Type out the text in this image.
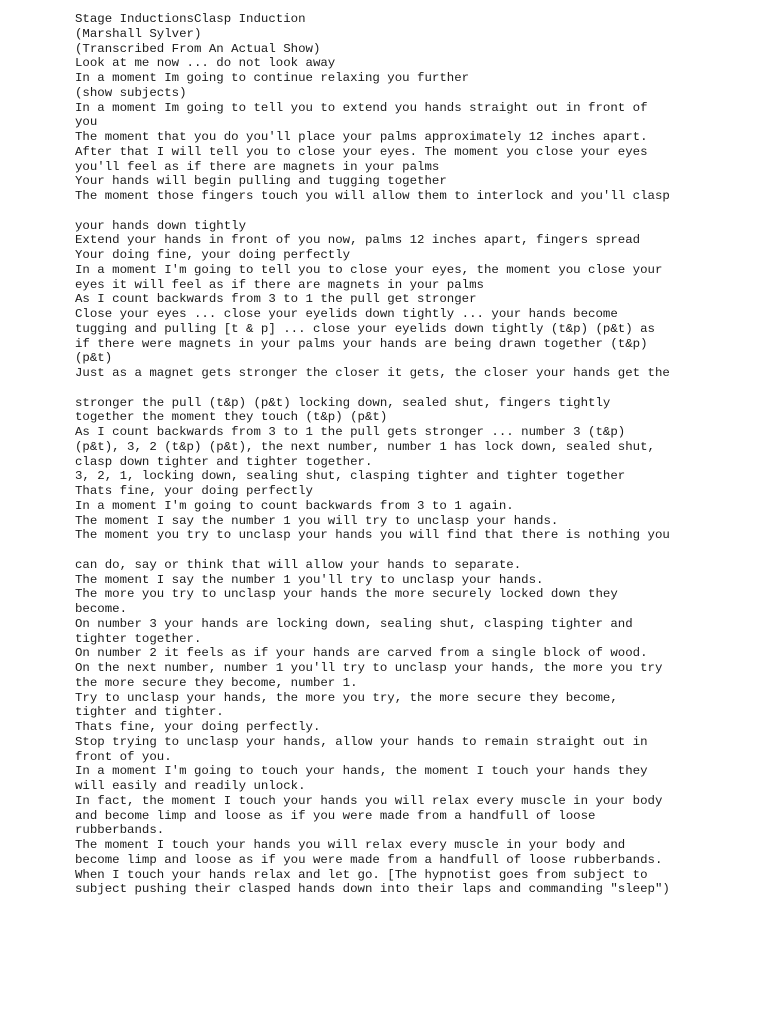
Stage InductionsClasp Induction
(Marshall Sylver)
(Transcribed From An Actual Show)
Look at me now ... do not look away
In a moment Im going to continue relaxing you further
(show subjects)
In a moment Im going to tell you to extend you hands straight out in front of
you
The moment that you do you'll place your palms approximately 12 inches apart.
After that I will tell you to close your eyes. The moment you close your eyes
you'll feel as if there are magnets in your palms
Your hands will begin pulling and tugging together
The moment those fingers touch you will allow them to interlock and you'll clasp
your hands down tightly
Extend your hands in front of you now, palms 12 inches apart, fingers spread
Your doing fine, your doing perfectly
In a moment I'm going to tell you to close your eyes, the moment you close your
eyes it will feel as if there are magnets in your palms
As I count backwards from 3 to 1 the pull get stronger
Close your eyes ... close your eyelids down tightly ... your hands become
tugging and pulling [t & p] ... close your eyelids down tightly (t&p) (p&t) as
if there were magnets in your palms your hands are being drawn together (t&p)
(p&t)
Just as a magnet gets stronger the closer it gets, the closer your hands get the
stronger the pull (t&p) (p&t) locking down, sealed shut, fingers tightly
together the moment they touch (t&p) (p&t)
As I count backwards from 3 to 1 the pull gets stronger ... number 3 (t&p)
(p&t), 3, 2 (t&p) (p&t), the next number, number 1 has lock down, sealed shut,
clasp down tighter and tighter together.
3, 2, 1, locking down, sealing shut, clasping tighter and tighter together
Thats fine, your doing perfectly
In a moment I'm going to count backwards from 3 to 1 again.
The moment I say the number 1 you will try to unclasp your hands.
The moment you try to unclasp your hands you will find that there is nothing you
can do, say or think that will allow your hands to separate.
The moment I say the number 1 you'll try to unclasp your hands.
The more you try to unclasp your hands the more securely locked down they
become.
On number 3 your hands are locking down, sealing shut, clasping tighter and
tighter together.
On number 2 it feels as if your hands are carved from a single block of wood.
On the next number, number 1 you'll try to unclasp your hands, the more you try
the more secure they become, number 1.
Try to unclasp your hands, the more you try, the more secure they become,
tighter and tighter.
Thats fine, your doing perfectly.
Stop trying to unclasp your hands, allow your hands to remain straight out in
front of you.
In a moment I'm going to touch your hands, the moment I touch your hands they
will easily and readily unlock.
In fact, the moment I touch your hands you will relax every muscle in your body
and become limp and loose as if you were made from a handfull of loose
rubberbands.
The moment I touch your hands you will relax every muscle in your body and
become limp and loose as if you were made from a handfull of loose rubberbands.
When I touch your hands relax and let go. [The hypnotist goes from subject to
subject pushing their clasped hands down into their laps and commanding "sleep")
